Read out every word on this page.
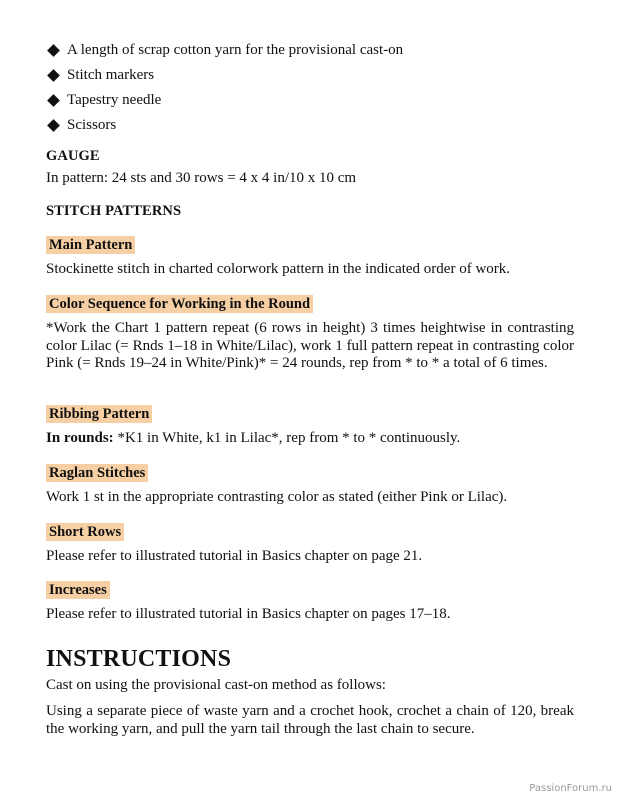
A length of scrap cotton yarn for the provisional cast-on
Stitch markers
Tapestry needle
Scissors
GAUGE
In pattern: 24 sts and 30 rows = 4 x 4 in/10 x 10 cm
STITCH PATTERNS
Main Pattern
Stockinette stitch in charted colorwork pattern in the indicated order of work.
Color Sequence for Working in the Round
*Work the Chart 1 pattern repeat (6 rows in height) 3 times heightwise in contrasting color Lilac (= Rnds 1–18 in White/Lilac), work 1 full pattern repeat in contrasting color Pink (= Rnds 19–24 in White/Pink)* = 24 rounds, rep from * to * a total of 6 times.
Ribbing Pattern
In rounds: *K1 in White, k1 in Lilac*, rep from * to * continuously.
Raglan Stitches
Work 1 st in the appropriate contrasting color as stated (either Pink or Lilac).
Short Rows
Please refer to illustrated tutorial in Basics chapter on page 21.
Increases
Please refer to illustrated tutorial in Basics chapter on pages 17–18.
INSTRUCTIONS
Cast on using the provisional cast-on method as follows:
Using a separate piece of waste yarn and a crochet hook, crochet a chain of 120, break the working yarn, and pull the yarn tail through the last chain to secure.
PassionForum.ru
